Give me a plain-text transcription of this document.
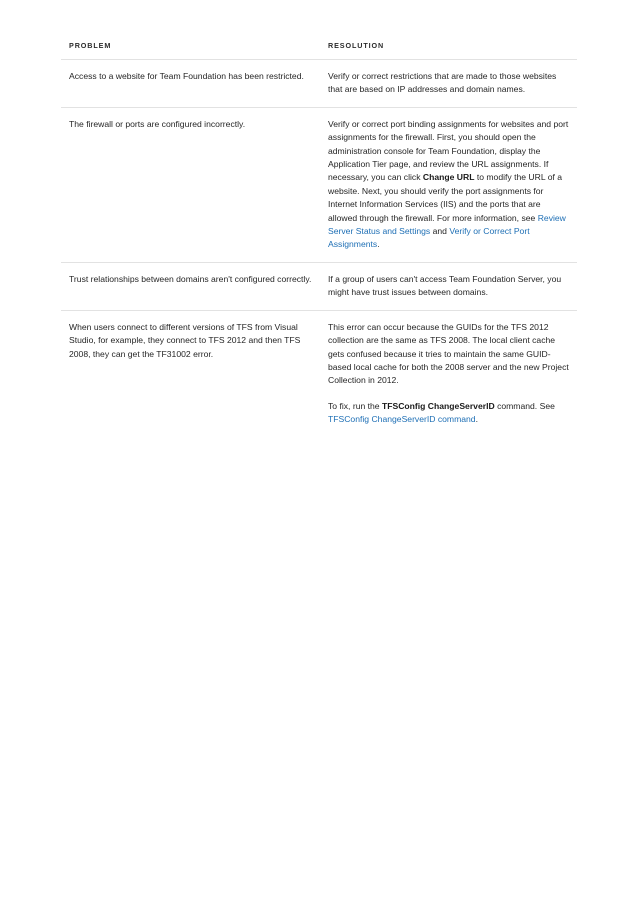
PROBLEM	RESOLUTION
Access to a website for Team Foundation has been restricted.	Verify or correct restrictions that are made to those websites that are based on IP addresses and domain names.
The firewall or ports are configured incorrectly.	Verify or correct port binding assignments for websites and port assignments for the firewall. First, you should open the administration console for Team Foundation, display the Application Tier page, and review the URL assignments. If necessary, you can click Change URL to modify the URL of a website. Next, you should verify the port assignments for Internet Information Services (IIS) and the ports that are allowed through the firewall. For more information, see Review Server Status and Settings and Verify or Correct Port Assignments.
Trust relationships between domains aren't configured correctly.	If a group of users can't access Team Foundation Server, you might have trust issues between domains.
When users connect to different versions of TFS from Visual Studio, for example, they connect to TFS 2012 and then TFS 2008, they can get the TF31002 error.	This error can occur because the GUIDs for the TFS 2012 collection are the same as TFS 2008. The local client cache gets confused because it tries to maintain the same GUID-based local cache for both the 2008 server and the new Project Collection in 2012.

To fix, run the TFSConfig ChangeServerID command. See TFSConfig ChangeServerID command.
